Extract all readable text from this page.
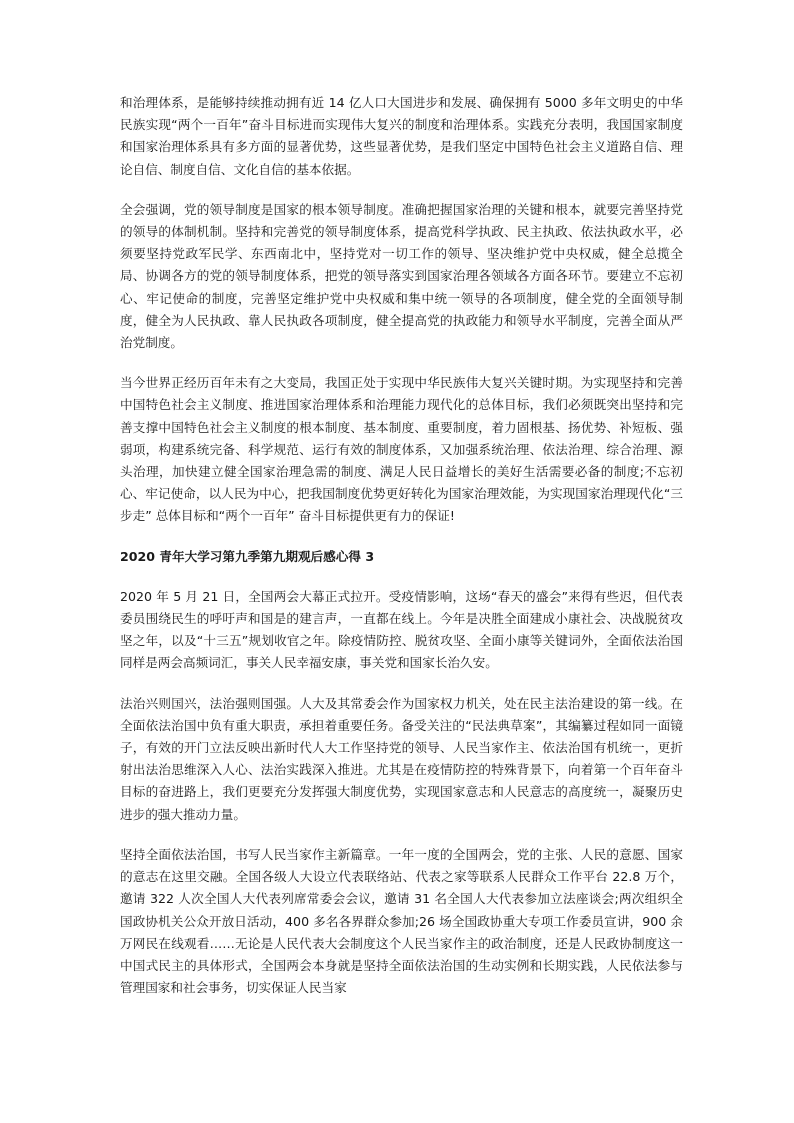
和治理体系，是能够持续推动拥有近 14 亿人口大国进步和发展、确保拥有 5000 多年文明史的中华民族实现“两个一百年”奋斗目标进而实现伟大复兴的制度和治理体系。实践充分表明，我国国家制度和国家治理体系具有多方面的显著优势，这些显著优势，是我们坚定中国特色社会主义道路自信、理论自信、制度自信、文化自信的基本依据。

全会强调，党的领导制度是国家的根本领导制度。准确把握国家治理的关键和根本，就要完善坚持党的领导的体制机制。坚持和完善党的领导制度体系，提高党科学执政、民主执政、依法执政水平，必须要坚持党政军民学、东西南北中，坚持党对一切工作的领导、坚决维护党中央权威，健全总揽全局、协调各方的党的领导制度体系，把党的领导落实到国家治理各领域各方面各环节。要建立不忘初心、牢记使命的制度，完善坚定维护党中央权威和集中统一领导的各项制度，健全党的全面领导制度，健全为人民执政、靠人民执政各项制度，健全提高党的执政能力和领导水平制度，完善全面从严治党制度。

当今世界正经历百年未有之大变局，我国正处于实现中华民族伟大复兴关键时期。为实现坚持和完善中国特色社会主义制度、推进国家治理体系和治理能力现代化的总体目标，我们必须既突出坚持和完善支撑中国特色社会主义制度的根本制度、基本制度、重要制度，着力固根基、扬优势、补短板、强弱项，构建系统完备、科学规范、运行有效的制度体系，又加强系统治理、依法治理、综合治理、源头治理，加快建立健全国家治理急需的制度、满足人民日益增长的美好生活需要必备的制度;不忘初心、牢记使命，以人民为中心，把我国制度优势更好转化为国家治理效能，为实现国家治理现代化“三步走” 总体目标和“两个一百年” 奋斗目标提供更有力的保证!

2020 青年大学习第九季第九期观后感心得 3

2020 年 5 月 21 日，全国两会大幕正式拉开。受疫情影响，这场“春天的盛会”来得有些迟，但代表委员围绕民生的呼吁声和国是的建言声，一直都在线上。今年是决胜全面建成小康社会、决战脱贫攻坚之年，以及“十三五”规划收官之年。除疫情防控、脱贫攻坚、全面小康等关键词外，全面依法治国同样是两会高频词汇，事关人民幸福安康，事关党和国家长治久安。

法治兴则国兴，法治强则国强。人大及其常委会作为国家权力机关，处在民主法治建设的第一线。在全面依法治国中负有重大职责，承担着重要任务。备受关注的“民法典草案”，其编纂过程如同一面镜子，有效的开门立法反映出新时代人大工作坚持党的领导、人民当家作主、依法治国有机统一，更折射出法治思维深入人心、法治实践深入推进。尤其是在疫情防控的特殊背景下，向着第一个百年奋斗目标的奋进路上，我们更要充分发挥强大制度优势，实现国家意志和人民意志的高度统一，凝聚历史进步的强大推动力量。

坚持全面依法治国，书写人民当家作主新篇章。一年一度的全国两会，党的主张、人民的意愿、国家的意志在这里交融。全国各级人大设立代表联络站、代表之家等联系人民群众工作平台 22.8 万个，邀请 322 人次全国人大代表列席常委会会议，邀请 31 名全国人大代表参加立法座谈会;两次组织全国政协机关公众开放日活动，400 多名各界群众参加;26 场全国政协重大专项工作委员宣讲，900 余万网民在线观看……无论是人民代表大会制度这个人民当家作主的政治制度，还是人民政协制度这一中国式民主的具体形式，全国两会本身就是坚持全面依法治国的生动实例和长期实践，人民依法参与管理国家和社会事务，切实保证人民当家
